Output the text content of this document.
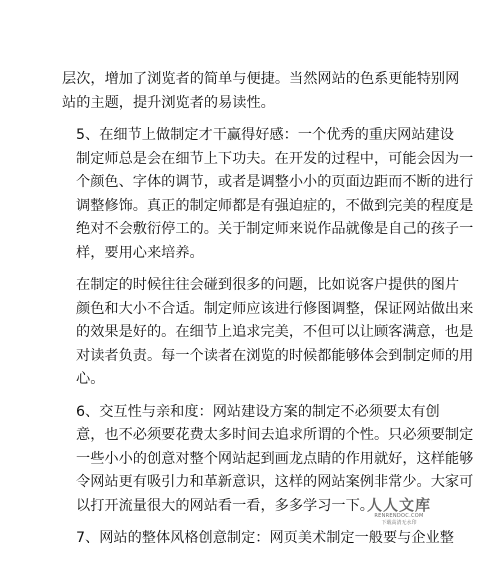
层次，增加了浏览者的简单与便捷。当然网站的色系更能特别网
站的主题，提升浏览者的易读性。

5、在细节上做制定才干赢得好感：一个优秀的重庆网站建设
制定师总是会在细节上下功夫。在开发的过程中，可能会因为一
个颜色、字体的调节，或者是调整小小的页面边距而不断的进行
调整修饰。真正的制定师都是有强迫症的，不做到完美的程度是
绝对不会敷衍停工的。关于制定师来说作品就像是自己的孩子一
样，要用心来培养。

在制定的时候往往会碰到很多的问题，比如说客户提供的图片
颜色和大小不合适。制定师应该进行修图调整，保证网站做出来
的效果是好的。在细节上追求完美，不但可以让顾客满意，也是
对读者负责。每一个读者在浏览的时候都能够体会到制定师的用
心。

6、交互性与亲和度：网站建设方案的制定不必须要太有创
意，也不必须要花费太多时间去追求所谓的个性。只必须要制定
一些小小的创意对整个网站起到画龙点睛的作用就好，这样能够
令网站更有吸引力和革新意识，这样的网站案例非常少。大家可
以打开流量很大的网站看一看，多多学习一下。

7、网站的整体风格创意制定：网页美术制定一般要与企业整

人人文库
RENRENDOC.COM
下载高清无水印
